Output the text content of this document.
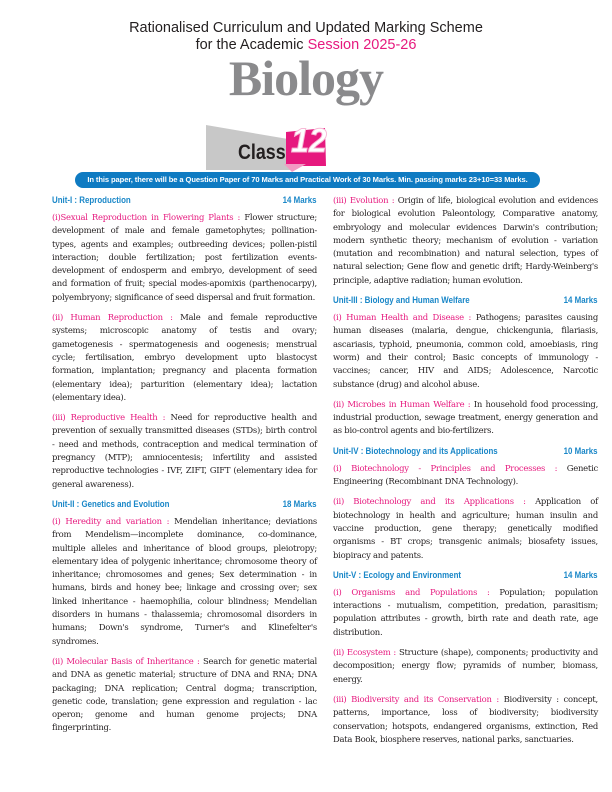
Rationalised Curriculum and Updated Marking Scheme
for the Academic Session 2025-26
Biology
Class 12
In this paper, there will be a Question Paper of 70 Marks and Practical Work of 30 Marks. Min. passing marks 23+10=33 Marks.
Unit-I : Reproduction	14 Marks

(i)Sexual Reproduction in Flowering Plants : Flower structure; development of male and female gametophytes; pollination-types, agents and examples; outbreeding devices; pollen-pistil interaction; double fertilization; post fertilization events-development of endosperm and embryo, development of seed and formation of fruit; special modes-apomixis (parthenocarpy), polyembryony; significance of seed dispersal and fruit formation.

(ii) Human Reproduction : Male and female reproductive systems; microscopic anatomy of testis and ovary; gametogenesis - spermatogenesis and oogenesis; menstrual cycle; fertilisation, embryo development upto blastocyst formation, implantation; pregnancy and placenta formation (elementary idea); parturition (elementary idea); lactation (elementary idea).

(iii) Reproductive Health : Need for reproductive health and prevention of sexually transmitted diseases (STDs); birth control - need and methods, contraception and medical termination of pregnancy (MTP); amniocentesis; infertility and assisted reproductive technologies - IVF, ZIFT, GIFT (elementary idea for general awareness).

Unit-II : Genetics and Evolution	18 Marks

(i) Heredity and variation : Mendelian inheritance; deviations from Mendelism—incomplete dominance, co-dominance, multiple alleles and inheritance of blood groups, pleiotropy; elementary idea of polygenic inheritance; chromosome theory of inheritance; chromosomes and genes; Sex determination - in humans, birds and honey bee; linkage and crossing over; sex linked inheritance - haemophilia, colour blindness; Mendelian disorders in humans - thalassemia; chromosomal disorders in humans; Down's syndrome, Turner's and Klinefelter's syndromes.

(ii) Molecular Basis of Inheritance : Search for genetic material and DNA as genetic material; structure of DNA and RNA; DNA packaging; DNA replication; Central dogma; transcription, genetic code, translation; gene expression and regulation - lac operon; genome and human genome projects; DNA fingerprinting.

(iii) Evolution : Origin of life, biological evolution and evidences for biological evolution Paleontology, Comparative anatomy, embryology and molecular evidences Darwin's contribution; modern synthetic theory; mechanism of evolution - variation (mutation and recombination) and natural selection, types of natural selection; Gene flow and genetic drift; Hardy-Weinberg's principle, adaptive radiation; human evolution.

Unit-III : Biology and Human Welfare	14 Marks

(i) Human Health and Disease : Pathogens; parasites causing human diseases (malaria, dengue, chickengunia, filariasis, ascariasis, typhoid, pneumonia, common cold, amoebiasis, ring worm) and their control; Basic concepts of immunology - vaccines; cancer, HIV and AIDS; Adolescence, Narcotic substance (drug) and alcohol abuse.

(ii) Microbes in Human Welfare : In household food processing, industrial production, sewage treatment, energy generation and as bio-control agents and bio-fertilizers.

Unit-IV : Biotechnology and its Applications	10 Marks

(i) Biotechnology - Principles and Processes : Genetic Engineering (Recombinant DNA Technology).

(ii) Biotechnology and its Applications : Application of biotechnology in health and agriculture; human insulin and vaccine production, gene therapy; genetically modified organisms - BT crops; transgenic animals; biosafety issues, biopiracy and patents.

Unit-V : Ecology and Environment	14 Marks

(i) Organisms and Populations : Population; population interactions - mutualism, competition, predation, parasitism; population attributes - growth, birth rate and death rate, age distribution.

(ii) Ecosystem : Structure (shape), components; productivity and decomposition; energy flow; pyramids of number, biomass, energy.

(iii) Biodiversity and its Conservation : Biodiversity : concept, patterns, importance, loss of biodiversity; biodiversity conservation; hotspots, endangered organisms, extinction, Red Data Book, biosphere reserves, national parks, sanctuaries.
